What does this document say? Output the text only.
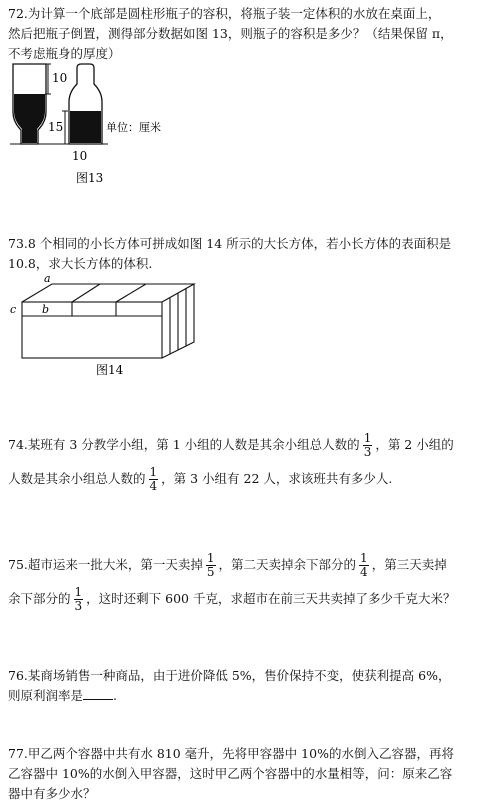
72.为计算一个底部是圆柱形瓶子的容积，将瓶子装一定体积的水放在桌面上，
然后把瓶子倒置，测得部分数据如图 13，则瓶子的容积是多少？（结果保留 π，
不考虑瓶身的厚度）
10
15
10
单位：厘米
图13
73.8 个相同的小长方体可拼成如图 14 所示的大长方体，若小长方体的表面积是
10.8，求大长方体的体积.
a
b
c
图14
74.某班有 3 分教学小组，第 1 小组的人数是其余小组总人数的 $\frac{1}{3}$ ，第 2 小组的
人数是其余小组总人数的 $\frac{1}{4}$ ，第 3 小组有 22 人，求该班共有多少人.
75.超市运来一批大米，第一天卖掉 $\frac{1}{5}$ ，第二天卖掉余下部分的 $\frac{1}{4}$ ，第三天卖掉
余下部分的 $\frac{1}{3}$ ，这时还剩下 600 千克，求超市在前三天共卖掉了多少千克大米？
76.某商场销售一种商品，由于进价降低 5%，售价保持不变，使获利提高 6%，
则原利润率是 .
77.甲乙两个容器中共有水 810 毫升，先将甲容器中 10%的水倒入乙容器，再将
乙容器中 10%的水倒入甲容器，这时甲乙两个容器中的水量相等，问：原来乙容
器中有多少水？
